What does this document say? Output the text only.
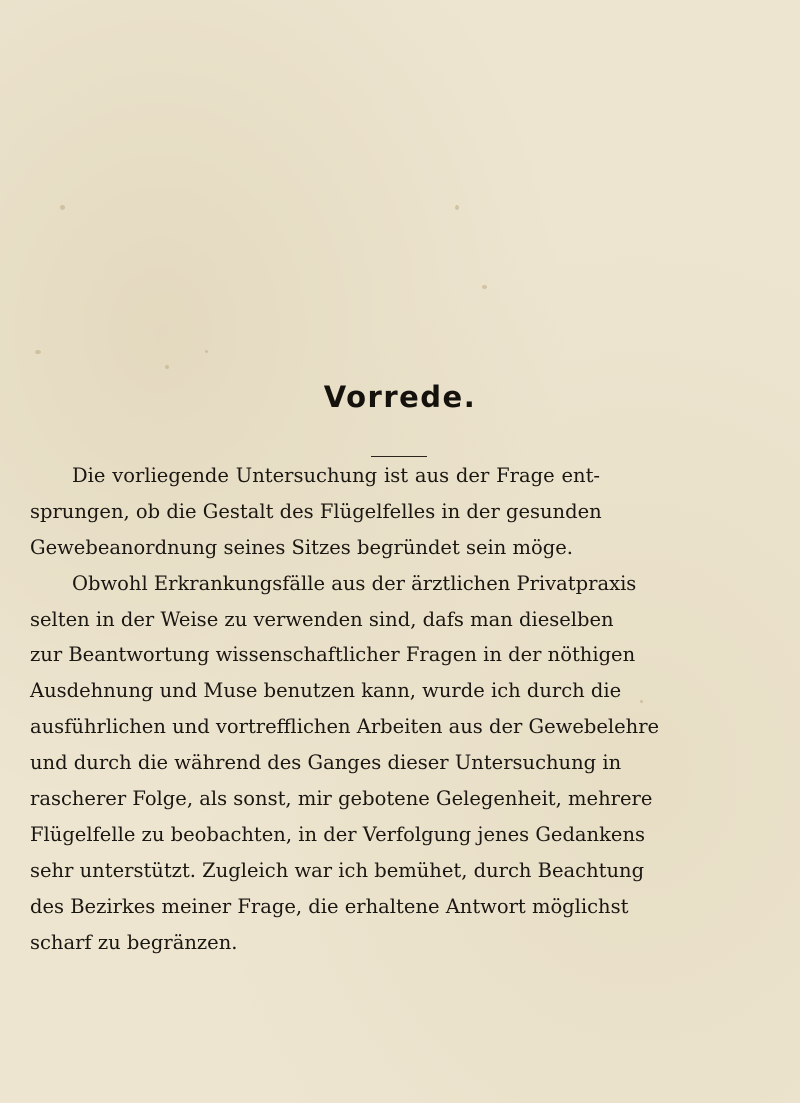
Vorrede.
Die vorliegende Untersuchung ist aus der Frage ent-
sprungen, ob die Gestalt des Flügelfelles in der gesunden
Gewebeanordnung seines Sitzes begründet sein möge.
Obwohl Erkrankungsfälle aus der ärztlichen Privatpraxis
selten in der Weise zu verwenden sind, dafs man dieselben
zur Beantwortung wissenschaftlicher Fragen in der nöthigen
Ausdehnung und Muse benutzen kann, wurde ich durch die
ausführlichen und vortrefflichen Arbeiten aus der Gewebelehre
und durch die während des Ganges dieser Untersuchung in
rascherer Folge, als sonst, mir gebotene Gelegenheit, mehrere
Flügelfelle zu beobachten, in der Verfolgung jenes Gedankens
sehr unterstützt. Zugleich war ich bemühet, durch Beachtung
des Bezirkes meiner Frage, die erhaltene Antwort möglichst
scharf zu begränzen.
